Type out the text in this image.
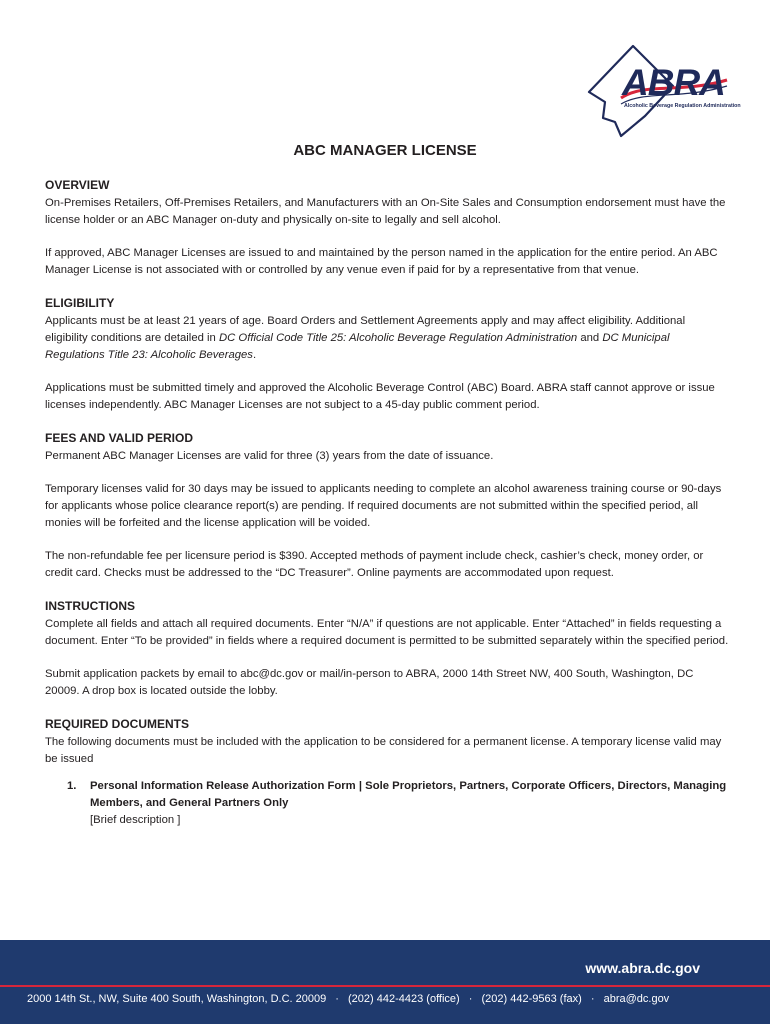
ABRA
Alcoholic Beverage Regulation Administration
ABC MANAGER LICENSE
OVERVIEW

On-Premises Retailers, Off-Premises Retailers, and Manufacturers with an On-Site Sales and Consumption endorsement must have the license holder or an ABC Manager on-duty and physically on-site to legally and sell alcohol.

If approved, ABC Manager Licenses are issued to and maintained by the person named in the application for the entire period. An ABC Manager License is not associated with or controlled by any venue even if paid for by a representative from that venue.

ELIGIBILITY

Applicants must be at least 21 years of age. Board Orders and Settlement Agreements apply and may affect eligibility. Additional eligibility conditions are detailed in DC Official Code Title 25: Alcoholic Beverage Regulation Administration and DC Municipal Regulations Title 23: Alcoholic Beverages.

Applications must be submitted timely and approved the Alcoholic Beverage Control (ABC) Board. ABRA staff cannot approve or issue licenses independently. ABC Manager Licenses are not subject to a 45-day public comment period.

FEES AND VALID PERIOD

Permanent ABC Manager Licenses are valid for three (3) years from the date of issuance.

Temporary licenses valid for 30 days may be issued to applicants needing to complete an alcohol awareness training course or 90-days for applicants whose police clearance report(s) are pending. If required documents are not submitted within the specified period, all monies will be forfeited and the license application will be voided.

The non-refundable fee per licensure period is $390. Accepted methods of payment include check, cashier’s check, money order, or credit card. Checks must be addressed to the “DC Treasurer”. Online payments are accommodated upon request.

INSTRUCTIONS

Complete all fields and attach all required documents. Enter “N/A” if questions are not applicable. Enter “Attached” in fields requesting a document. Enter “To be provided” in fields where a required document is permitted to be submitted separately within the specified period.

Submit application packets by email to abc@dc.gov or mail/in-person to ABRA, 2000 14th Street NW, 400 South, Washington, DC 20009. A drop box is located outside the lobby.

REQUIRED DOCUMENTS

The following documents must be included with the application to be considered for a permanent license. A temporary license valid may be issued

1. Personal Information Release Authorization Form | Sole Proprietors, Partners, Corporate Officers, Directors, Managing Members, and General Partners Only
[Brief description ]
www.abra.dc.gov
2000 14th St., NW, Suite 400 South, Washington, D.C. 20009 · (202) 442-4423 (office) · (202) 442-9563 (fax) · abra@dc.gov
